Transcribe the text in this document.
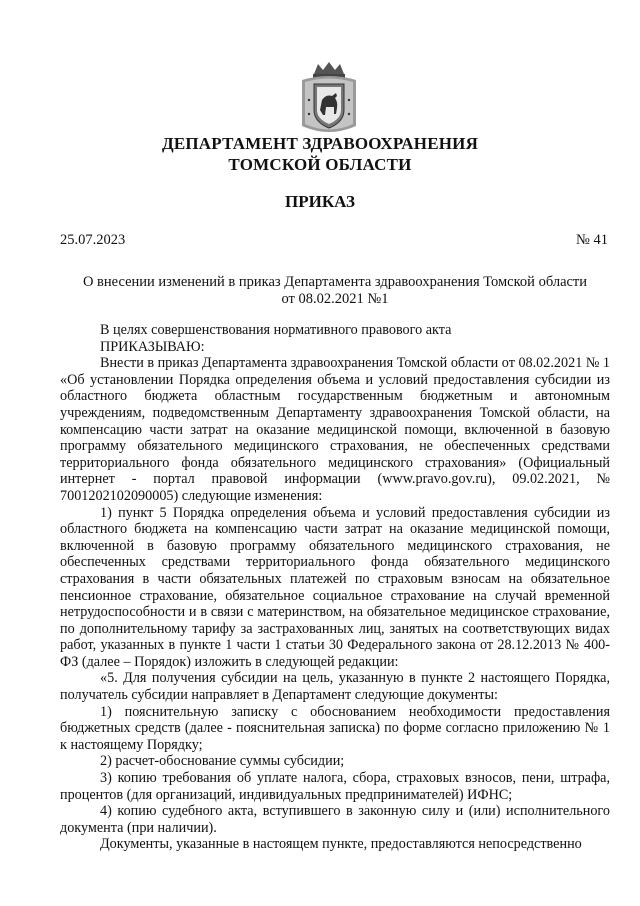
ДЕПАРТАМЕНТ ЗДРАВООХРАНЕНИЯ
ТОМСКОЙ ОБЛАСТИ
ПРИКАЗ
25.07.2023	№ 41
О внесении изменений в приказ Департамента здравоохранения Томской области
от 08.02.2021 №1

В целях совершенствования нормативного правового акта

ПРИКАЗЫВАЮ:

Внести в приказ Департамента здравоохранения Томской области от 08.02.2021 № 1 «Об установлении Порядка определения объема и условий предоставления субсидии из областного бюджета областным государственным бюджетным и автономным учреждениям, подведомственным Департаменту здравоохранения Томской области, на компенсацию части затрат на оказание медицинской помощи, включенной в базовую программу обязательного медицинского страхования, не обеспеченных средствами территориального фонда обязательного медицинского страхования» (Официальный интернет - портал правовой информации (www.pravo.gov.ru), 09.02.2021, № 7001202102090005) следующие изменения:

1) пункт 5 Порядка определения объема и условий предоставления субсидии из областного бюджета на компенсацию части затрат на оказание медицинской помощи, включенной в базовую программу обязательного медицинского страхования, не обеспеченных средствами территориального фонда обязательного медицинского страхования в части обязательных платежей по страховым взносам на обязательное пенсионное страхование, обязательное социальное страхование на случай временной нетрудоспособности и в связи с материнством, на обязательное медицинское страхование, по дополнительному тарифу за застрахованных лиц, занятых на соответствующих видах работ, указанных в пункте 1 части 1 статьи 30 Федерального закона от 28.12.2013 № 400-ФЗ (далее – Порядок) изложить в следующей редакции:

«5. Для получения субсидии на цель, указанную в пункте 2 настоящего Порядка, получатель субсидии направляет в Департамент следующие документы:

1) пояснительную записку с обоснованием необходимости предоставления бюджетных средств (далее - пояснительная записка) по форме согласно приложению № 1 к настоящему Порядку;

2) расчет-обоснование суммы субсидии;

3) копию требования об уплате налога, сбора, страховых взносов, пени, штрафа, процентов (для организаций, индивидуальных предпринимателей) ИФНС;

4) копию судебного акта, вступившего в законную силу и (или) исполнительного документа (при наличии).

Документы, указанные в настоящем пункте, предоставляются непосредственно
